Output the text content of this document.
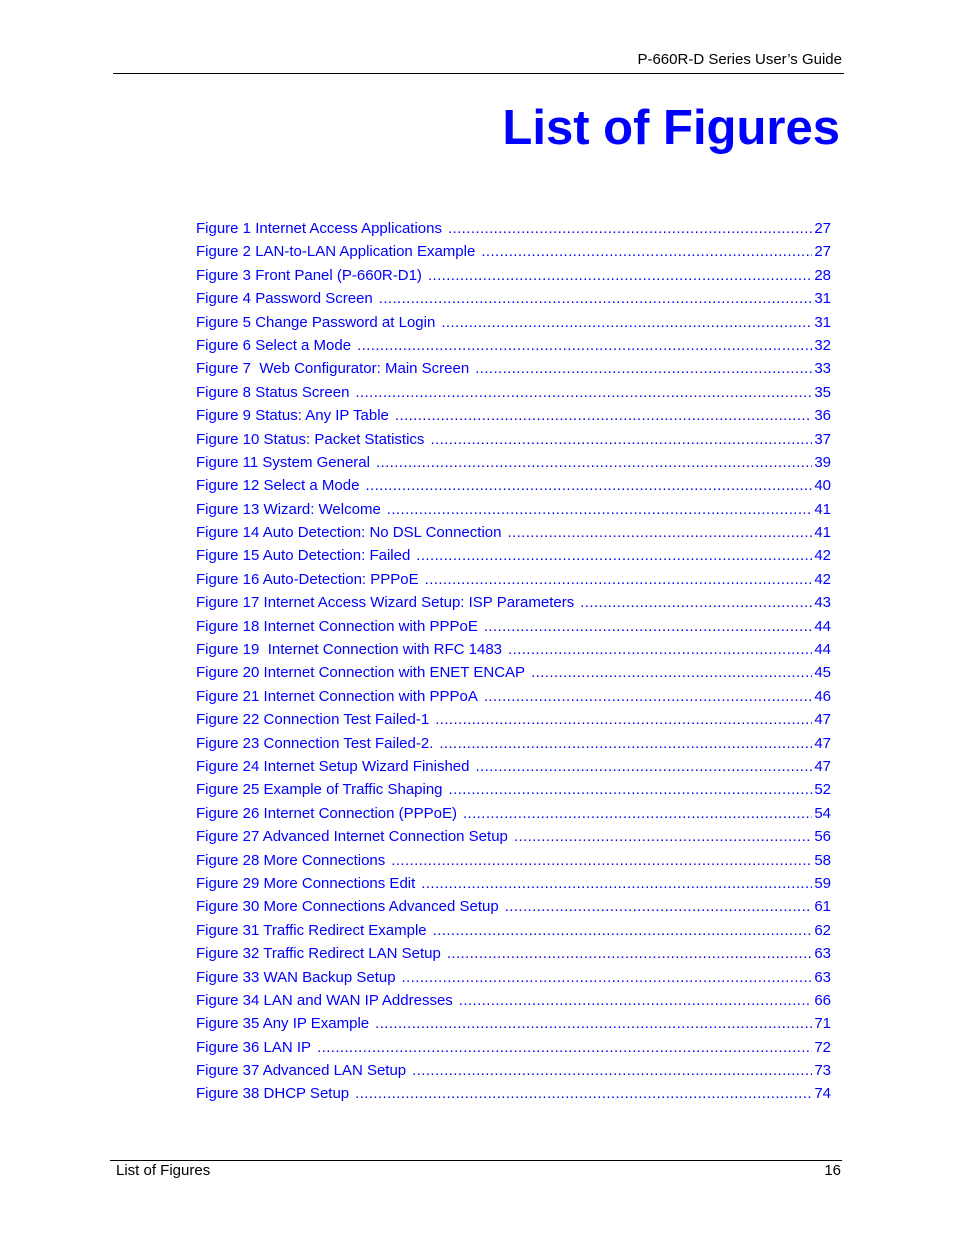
P-660R-D Series User’s Guide
List of Figures
Figure 1 Internet Access Applications .....	27
Figure 2 LAN-to-LAN Application Example .....	27
Figure 3 Front Panel (P-660R-D1) .....	28
Figure 4 Password Screen .....	31
Figure 5 Change Password at Login .....	31
Figure 6 Select a Mode .....	32
Figure 7  Web Configurator: Main Screen .....	33
Figure 8 Status Screen .....	35
Figure 9 Status: Any IP Table .....	36
Figure 10 Status: Packet Statistics .....	37
Figure 11 System General .....	39
Figure 12 Select a Mode .....	40
Figure 13 Wizard: Welcome .....	41
Figure 14 Auto Detection: No DSL Connection .....	41
Figure 15 Auto Detection: Failed .....	42
Figure 16 Auto-Detection: PPPoE .....	42
Figure 17 Internet Access Wizard Setup: ISP Parameters .....	43
Figure 18 Internet Connection with PPPoE .....	44
Figure 19  Internet Connection with RFC 1483 .....	44
Figure 20 Internet Connection with ENET ENCAP .....	45
Figure 21 Internet Connection with PPPoA .....	46
Figure 22 Connection Test Failed-1 .....	47
Figure 23 Connection Test Failed-2. .....	47
Figure 24 Internet Setup Wizard Finished .....	47
Figure 25 Example of Traffic Shaping .....	52
Figure 26 Internet Connection (PPPoE) .....	54
Figure 27 Advanced Internet Connection Setup .....	56
Figure 28 More Connections .....	58
Figure 29 More Connections Edit .....	59
Figure 30 More Connections Advanced Setup .....	61
Figure 31 Traffic Redirect Example .....	62
Figure 32 Traffic Redirect LAN Setup .....	63
Figure 33 WAN Backup Setup .....	63
Figure 34 LAN and WAN IP Addresses .....	66
Figure 35 Any IP Example .....	71
Figure 36 LAN IP .....	72
Figure 37 Advanced LAN Setup .....	73
Figure 38 DHCP Setup .....	74
List of Figures	16
